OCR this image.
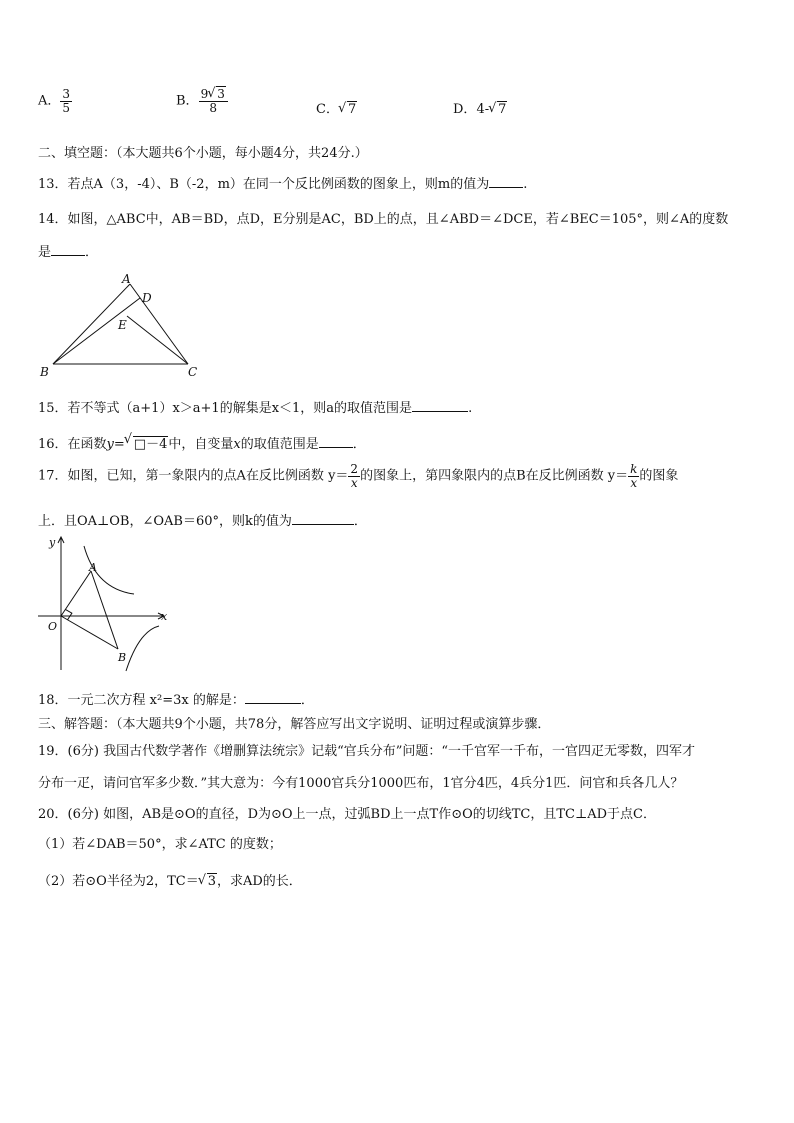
A． $\frac{3}{5}$	B． $\frac{9 √ 3}{8}$	C． √ 7	D．4- √ 7
二、填空题：（本大题共6个小题，每小题4分，共24分.）
13．若点A（3，-4）、B（-2，m）在同一个反比例函数的图象上，则m的值为	.
14．如图，△ABC中，AB＝BD，点D，E分别是AC，BD上的点，且∠ABD＝∠DCE，若∠BEC＝105°，则∠A的度数
是	．
A
D
E
B	C
15．若不等式（a+1）x＞a+1的解集是x＜1，则a的取值范围是	.
16．在函数y= √ □－4中，自变量x的取值范围是	．
17．如图，已知，第一象限内的点A在反比例函数 $y= \frac{2}{x}$ 的图象上，第四象限内的点B在反比例函数 $y= \frac{k}{x}$ 的图象
上．且OA⊥OB，∠OAB＝60°，则k的值为	．
y
x
O
A
B
18．一元二次方程 x²=3x 的解是：	．
三、解答题：（本大题共9个小题，共78分，解答应写出文字说明、证明过程或演算步骤．
19．(6分) 我国古代数学著作《增删算法统宗》记载“官兵分布”问题：“一千官军一千布，一官四疋无零数，四军才
分布一疋，请问官军多少数．”其大意为：今有1000官兵分1000匹布，1官分4匹，4兵分1匹．问官和兵各几人？
20．(6分) 如图，AB是⊙O的直径，D为⊙O上一点，过弧BD上一点T作⊙O的切线TC，且TC⊥AD于点C．
（1）若∠DAB＝50°，求∠ATC 的度数；
（2）若⊙O半径为2，TC＝ √ 3，求AD的长．
